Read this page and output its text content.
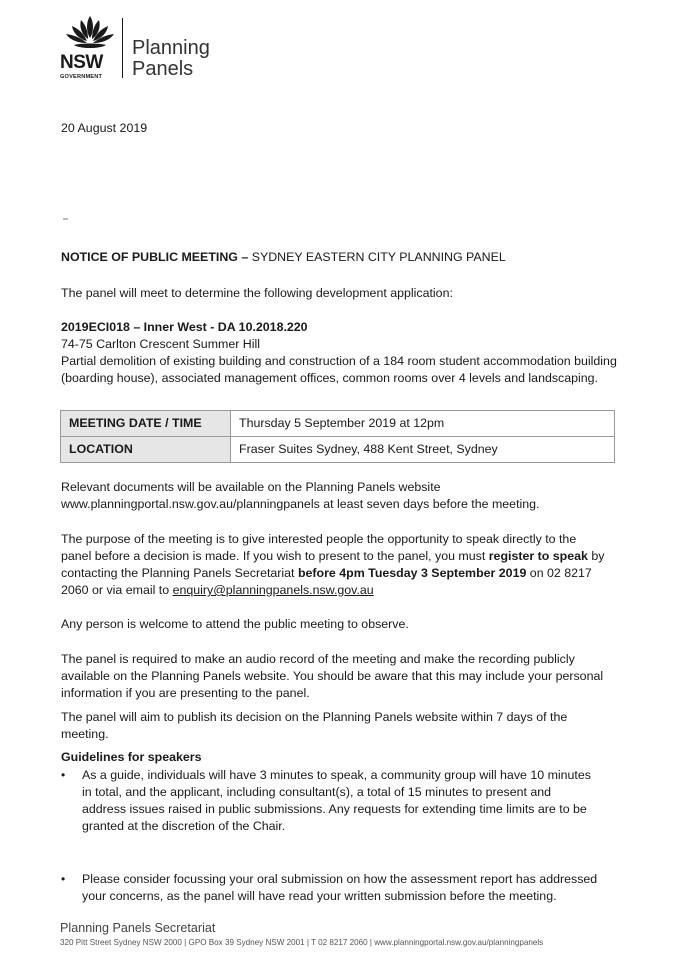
NSW
GOVERNMENT
Planning
Panels
20 August 2019
NOTICE OF PUBLIC MEETING – SYDNEY EASTERN CITY PLANNING PANEL
The panel will meet to determine the following development application:
2019ECI018 – Inner West - DA 10.2018.220
74-75 Carlton Crescent Summer Hill
Partial demolition of existing building and construction of a 184 room student accommodation building
(boarding house), associated management offices, common rooms over 4 levels and landscaping.
MEETING DATE / TIME	Thursday 5 September 2019 at 12pm
LOCATION	Fraser Suites Sydney, 488 Kent Street, Sydney
Relevant documents will be available on the Planning Panels website
www.planningportal.nsw.gov.au/planningpanels at least seven days before the meeting.
The purpose of the meeting is to give interested people the opportunity to speak directly to the
panel before a decision is made. If you wish to present to the panel, you must register to speak by
contacting the Planning Panels Secretariat before 4pm Tuesday 3 September 2019 on 02 8217
2060 or via email to enquiry@planningpanels.nsw.gov.au
Any person is welcome to attend the public meeting to observe.
The panel is required to make an audio record of the meeting and make the recording publicly
available on the Planning Panels website. You should be aware that this may include your personal
information if you are presenting to the panel.
The panel will aim to publish its decision on the Planning Panels website within 7 days of the
meeting.
Guidelines for speakers
• As a guide, individuals will have 3 minutes to speak, a community group will have 10 minutes
in total, and the applicant, including consultant(s), a total of 15 minutes to present and
address issues raised in public submissions. Any requests for extending time limits are to be
granted at the discretion of the Chair.
• Please consider focussing your oral submission on how the assessment report has addressed
your concerns, as the panel will have read your written submission before the meeting.
Planning Panels Secretariat
320 Pitt Street Sydney NSW 2000 | GPO Box 39 Sydney NSW 2001 | T 02 8217 2060 | www.planningportal.nsw.gov.au/planningpanels
